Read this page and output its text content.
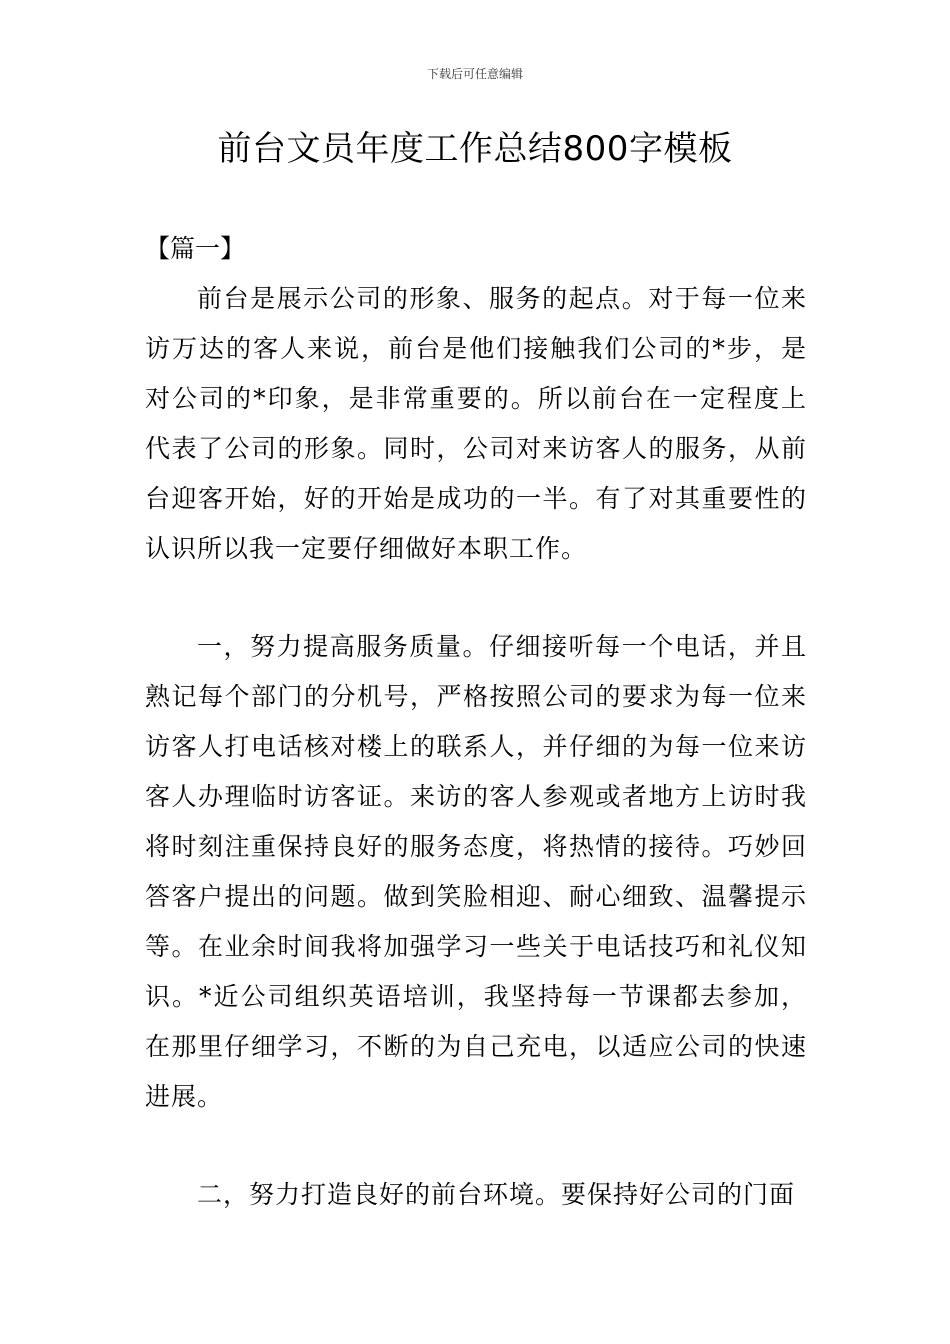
下载后可任意编辑
前台文员年度工作总结800字模板

【篇一】

前台是展示公司的形象、服务的起点。对于每一位来访万达的客人来说，前台是他们接触我们公司的*步，是对公司的*印象，是非常重要的。所以前台在一定程度上代表了公司的形象。同时，公司对来访客人的服务，从前台迎客开始，好的开始是成功的一半。有了对其重要性的认识所以我一定要仔细做好本职工作。

一，努力提高服务质量。仔细接听每一个电话，并且熟记每个部门的分机号，严格按照公司的要求为每一位来访客人打电话核对楼上的联系人，并仔细的为每一位来访客人办理临时访客证。来访的客人参观或者地方上访时我将时刻注重保持良好的服务态度，将热情的接待。巧妙回答客户提出的问题。做到笑脸相迎、耐心细致、温馨提示等。在业余时间我将加强学习一些关于电话技巧和礼仪知识。*近公司组织英语培训，我坚持每一节课都去参加，在那里仔细学习，不断的为自己充电，以适应公司的快速进展。

二，努力打造良好的前台环境。要保持好公司的门面
